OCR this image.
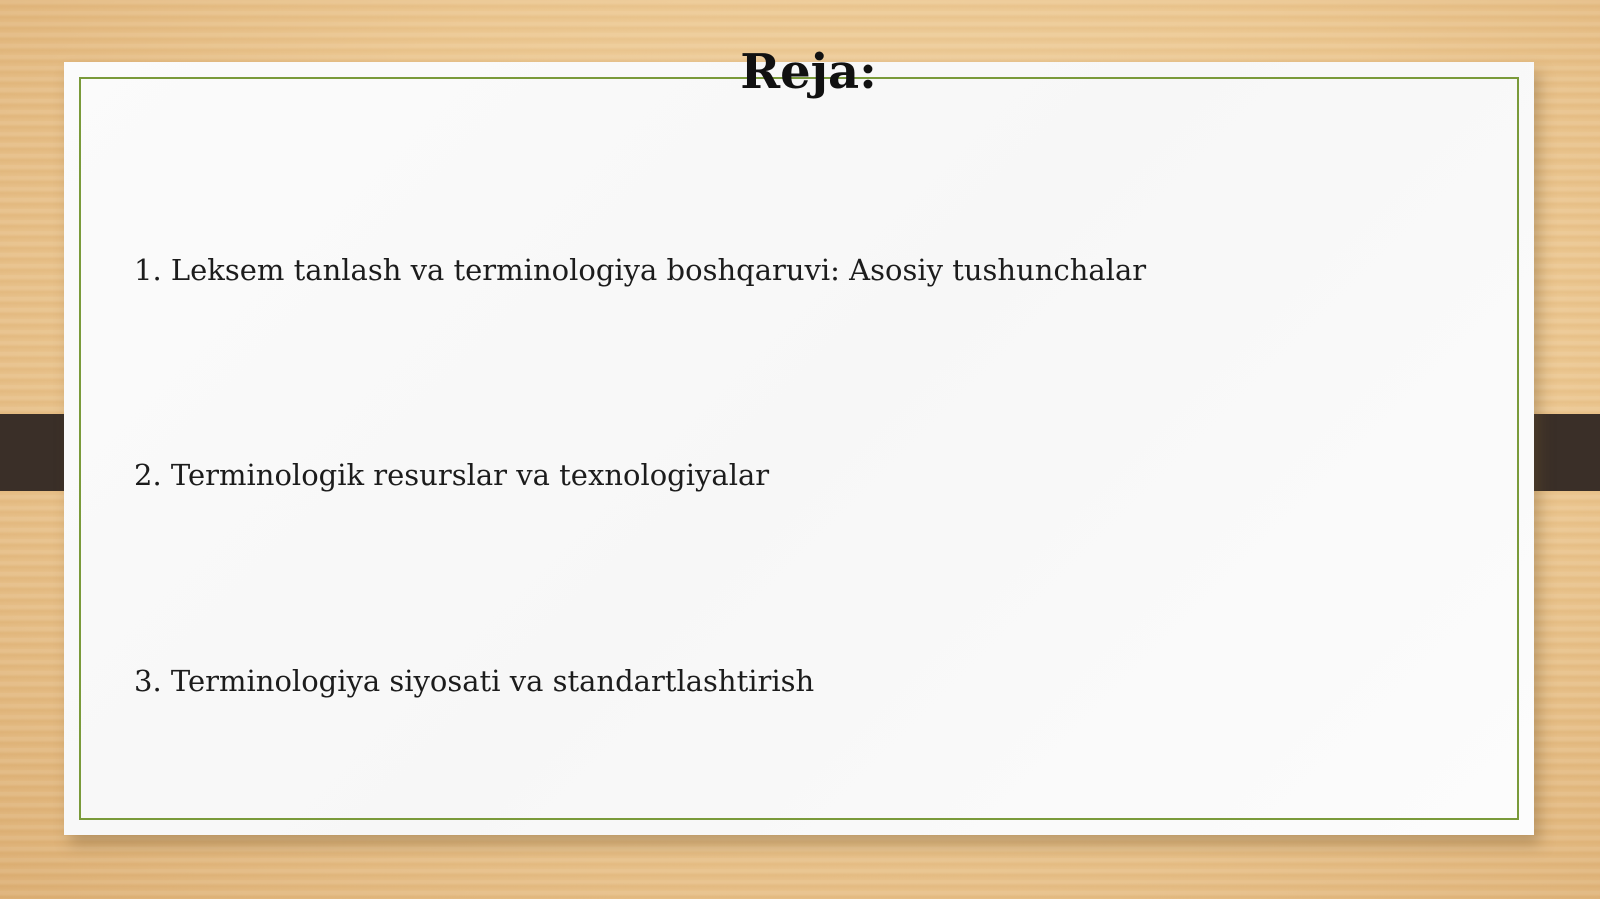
Reja:
1. Leksem tanlash va terminologiya boshqaruvi: Asosiy tushunchalar
2. Terminologik resurslar va texnologiyalar
3. Terminologiya siyosati va standartlashtirish
